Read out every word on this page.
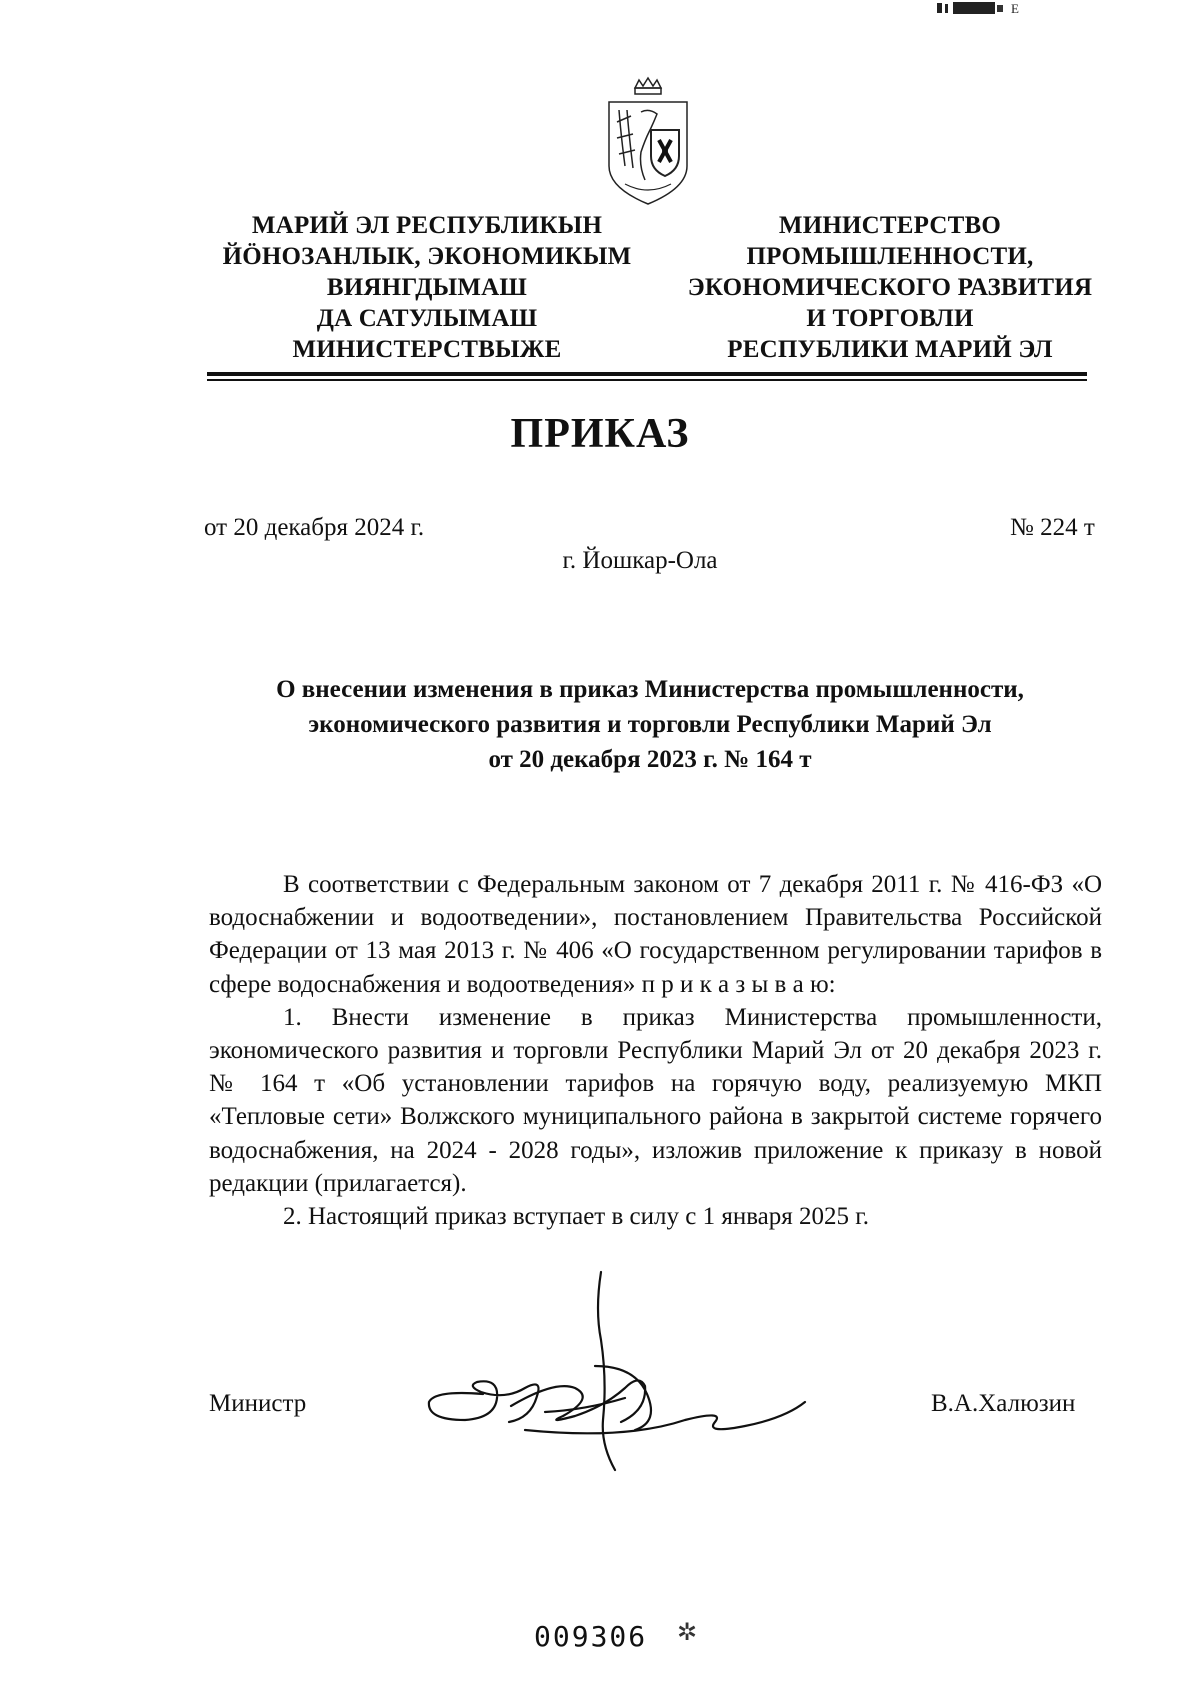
E
МАРИЙ ЭЛ РЕСПУБЛИКЫН
ЙӦНОЗАНЛЫК, ЭКОНОМИКЫМ
ВИЯНГДЫМАШ
ДА САТУЛЫМАШ
МИНИСТЕРСТВЫЖЕ
МИНИСТЕРСТВО
ПРОМЫШЛЕННОСТИ,
ЭКОНОМИЧЕСКОГО РАЗВИТИЯ
И ТОРГОВЛИ
РЕСПУБЛИКИ МАРИЙ ЭЛ
ПРИКАЗ
от 20 декабря 2024 г.	№ 224 т
г. Йошкар-Ола
О внесении изменения в приказ Министерства промышленности,
экономического развития и торговли Республики Марий Эл
от 20 декабря 2023 г. № 164 т

В соответствии с Федеральным законом от 7 декабря 2011 г. № 416-ФЗ «О водоснабжении и водоотведении», постановлением Правительства Российской Федерации от 13 мая 2013 г. № 406 «О государственном регулировании тарифов в сфере водоснабжения и водоотведения» п р и к а з ы в а ю:

1. Внести изменение в приказ Министерства промышленности, экономического развития и торговли Республики Марий Эл от 20 декабря 2023 г. № 164 т «Об установлении тарифов на горячую воду, реализуемую МКП «Тепловые сети» Волжского муниципального района в закрытой системе горячего водоснабжения, на 2024 - 2028 годы», изложив приложение к приказу в новой редакции (прилагается).

2. Настоящий приказ вступает в силу с 1 января 2025 г.

Министр	В.А.Халюзин
009306 ✲
